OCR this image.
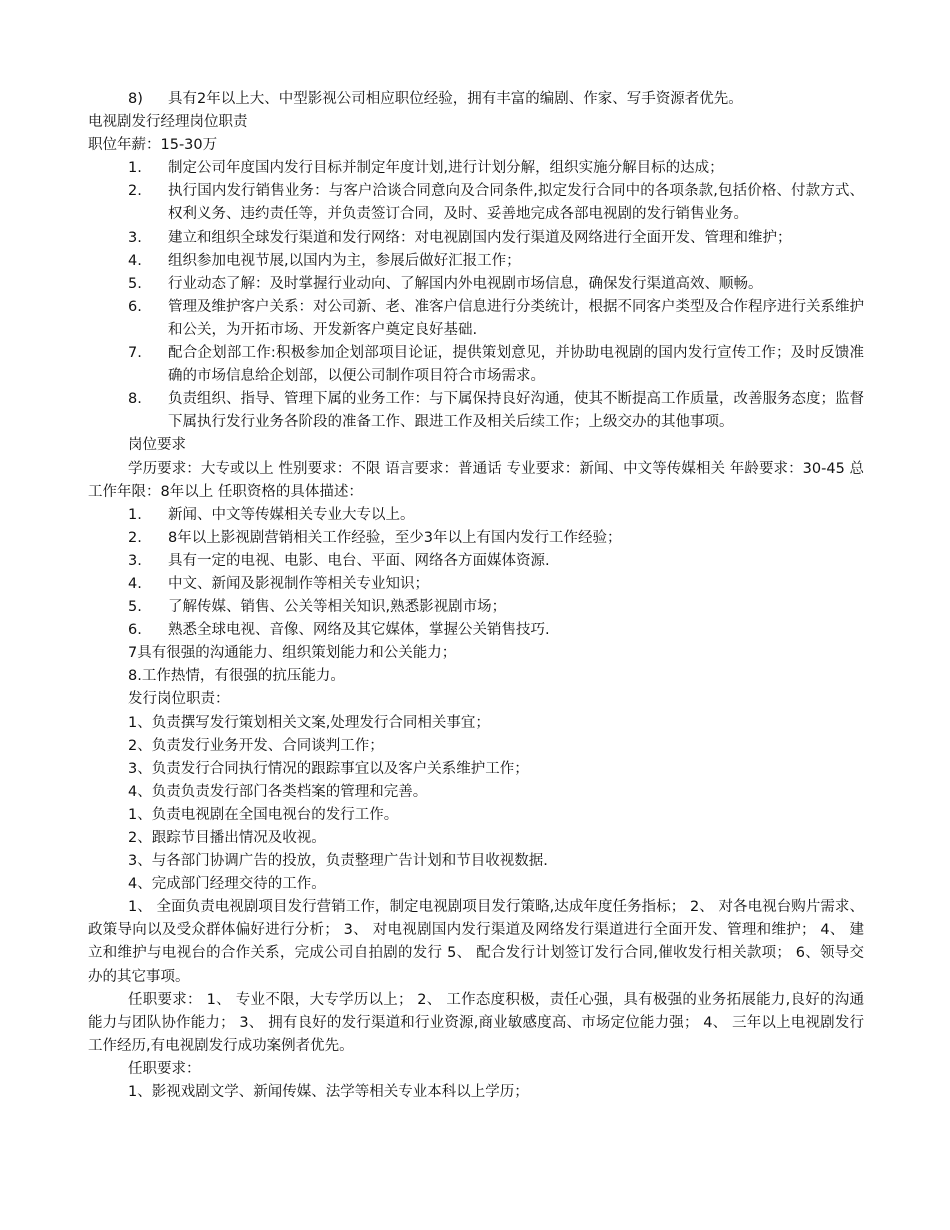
8)	具有2年以上大、中型影视公司相应职位经验，拥有丰富的编剧、作家、写手资源者优先。
电视剧发行经理岗位职责
职位年薪：15-30万
1.	制定公司年度国内发行目标并制定年度计划,进行计划分解，组织实施分解目标的达成；
2.	执行国内发行销售业务：与客户洽谈合同意向及合同条件,拟定发行合同中的各项条款,包括价格、付款方式、权利义务、违约责任等，并负责签订合同，及时、妥善地完成各部电视剧的发行销售业务。
3.	建立和组织全球发行渠道和发行网络：对电视剧国内发行渠道及网络进行全面开发、管理和维护；
4.	组织参加电视节展,以国内为主，参展后做好汇报工作；
5.	行业动态了解：及时掌握行业动向、了解国内外电视剧市场信息，确保发行渠道高效、顺畅。
6.	管理及维护客户关系：对公司新、老、准客户信息进行分类统计，根据不同客户类型及合作程序进行关系维护和公关，为开拓市场、开发新客户奠定良好基础.
7.	配合企划部工作:积极参加企划部项目论证，提供策划意见，并协助电视剧的国内发行宣传工作；及时反馈准确的市场信息给企划部，以便公司制作项目符合市场需求。
8.	负责组织、指导、管理下属的业务工作：与下属保持良好沟通，使其不断提高工作质量，改善服务态度；监督下属执行发行业务各阶段的准备工作、跟进工作及相关后续工作；上级交办的其他事项。
岗位要求
学历要求：大专或以上 性别要求：不限 语言要求：普通话 专业要求：新闻、中文等传媒相关 年龄要求：30-45 总工作年限：8年以上 任职资格的具体描述：
1.	新闻、中文等传媒相关专业大专以上。
2.	8年以上影视剧营销相关工作经验，至少3年以上有国内发行工作经验；
3.	具有一定的电视、电影、电台、平面、网络各方面媒体资源.
4.	中文、新闻及影视制作等相关专业知识；
5.	了解传媒、销售、公关等相关知识,熟悉影视剧市场；
6.	熟悉全球电视、音像、网络及其它媒体，掌握公关销售技巧.
7具有很强的沟通能力、组织策划能力和公关能力；
8.工作热情，有很强的抗压能力。
发行岗位职责：
1、负责撰写发行策划相关文案,处理发行合同相关事宜；
2、负责发行业务开发、合同谈判工作；
3、负责发行合同执行情况的跟踪事宜以及客户关系维护工作；
4、负责负责发行部门各类档案的管理和完善。
1、负责电视剧在全国电视台的发行工作。
2、跟踪节目播出情况及收视。
3、与各部门协调广告的投放，负责整理广告计划和节目收视数据.
4、完成部门经理交待的工作。
1、 全面负责电视剧项目发行营销工作，制定电视剧项目发行策略,达成年度任务指标； 2、 对各电视台购片需求、政策导向以及受众群体偏好进行分析； 3、 对电视剧国内发行渠道及网络发行渠道进行全面开发、管理和维护； 4、 建立和维护与电视台的合作关系，完成公司自拍剧的发行 5、 配合发行计划签订发行合同,催收发行相关款项； 6、领导交办的其它事项。
任职要求： 1、 专业不限，大专学历以上； 2、 工作态度积极，责任心强，具有极强的业务拓展能力,良好的沟通能力与团队协作能力； 3、 拥有良好的发行渠道和行业资源,商业敏感度高、市场定位能力强； 4、 三年以上电视剧发行工作经历,有电视剧发行成功案例者优先。
任职要求：
1、影视戏剧文学、新闻传媒、法学等相关专业本科以上学历；
